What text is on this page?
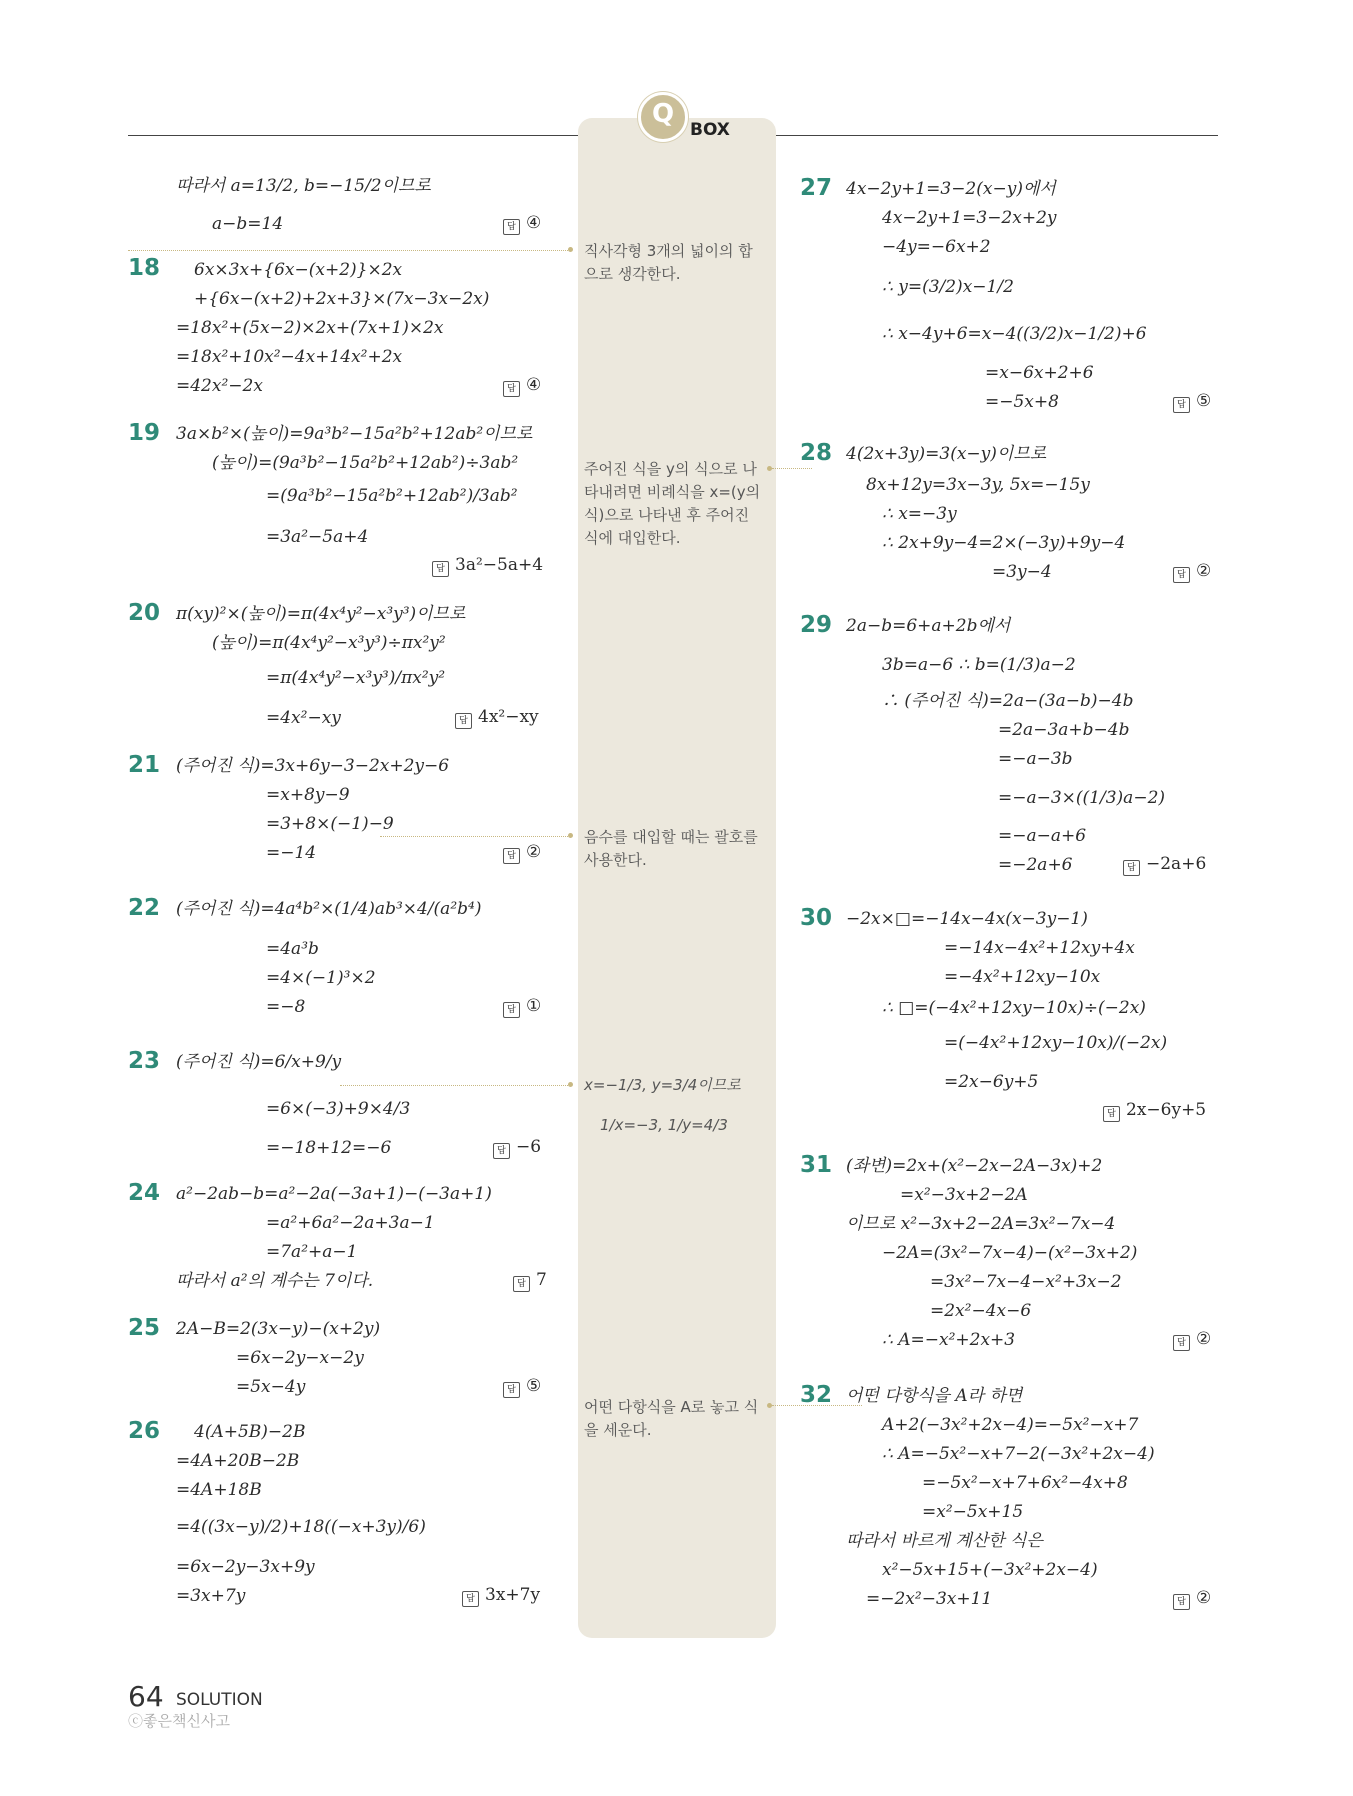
Q
BOX
따라서 a=13/2, b=−15/2이므로
a−b=14	답 ④
18 6x×3x+{6x−(x+2)}×2x
+{6x−(x+2)+2x+3}×(7x−3x−2x)
=18x²+(5x−2)×2x+(7x+1)×2x
=18x²+10x²−4x+14x²+2x
=42x²−2x	답 ④
19 3a×b²×(높이)=9a³b²−15a²b²+12ab²이므로
(높이)=(9a³b²−15a²b²+12ab²)÷3ab²
=(9a³b²−15a²b²+12ab²)/3ab²
=3a²−5a+4
답 3a²−5a+4
20 π(xy)²×(높이)=π(4x⁴y²−x³y³)이므로
(높이)=π(4x⁴y²−x³y³)÷πx²y²
=π(4x⁴y²−x³y³)/πx²y²
=4x²−xy	답 4x²−xy
21 (주어진 식)=3x+6y−3−2x+2y−6
=x+8y−9
=3+8×(−1)−9
=−14	답 ②
22 (주어진 식)=4a⁴b²×(1/4)ab³×4/(a²b⁴)
=4a³b
=4×(−1)³×2
=−8	답 ①
23 (주어진 식)=6/x+9/y
=6×(−3)+9×4/3
=−18+12=−6	답 −6
24 a²−2ab−b=a²−2a(−3a+1)−(−3a+1)
=a²+6a²−2a+3a−1
=7a²+a−1
따라서 a²의 계수는 7이다.	답 7
25 2A−B=2(3x−y)−(x+2y)
=6x−2y−x−2y
=5x−4y	답 ⑤
26 4(A+5B)−2B
=4A+20B−2B
=4A+18B
=4((3x−y)/2)+18((−x+3y)/6)
=6x−2y−3x+9y
=3x+7y	답 3x+7y
직사각형 3개의 넓이의 합으로 생각한다.
주어진 식을 y의 식으로 나타내려면 비례식을 x=(y의 식)으로 나타낸 후 주어진 식에 대입한다.
음수를 대입할 때는 괄호를 사용한다.
x=−1/3, y=3/4이므로
1/x=−3, 1/y=4/3
어떤 다항식을 A로 놓고 식을 세운다.
27 4x−2y+1=3−2(x−y)에서
4x−2y+1=3−2x+2y
−4y=−6x+2
∴ y=(3/2)x−1/2
∴ x−4y+6=x−4((3/2)x−1/2)+6
=x−6x+2+6
=−5x+8	답 ⑤
28 4(2x+3y)=3(x−y)이므로
8x+12y=3x−3y, 5x=−15y
∴ x=−3y
∴ 2x+9y−4=2×(−3y)+9y−4
=3y−4	답 ②
29 2a−b=6+a+2b에서
3b=a−6 ∴ b=(1/3)a−2
∴ (주어진 식)=2a−(3a−b)−4b
=2a−3a+b−4b
=−a−3b
=−a−3×((1/3)a−2)
=−a−a+6
=−2a+6	답 −2a+6
30 −2x×□=−14x−4x(x−3y−1)
=−14x−4x²+12xy+4x
=−4x²+12xy−10x
∴ □=(−4x²+12xy−10x)÷(−2x)
=(−4x²+12xy−10x)/(−2x)
=2x−6y+5
답 2x−6y+5
31 (좌변)=2x+(x²−2x−2A−3x)+2
=x²−3x+2−2A
이므로 x²−3x+2−2A=3x²−7x−4
−2A=(3x²−7x−4)−(x²−3x+2)
=3x²−7x−4−x²+3x−2
=2x²−4x−6
∴ A=−x²+2x+3	답 ②
32 어떤 다항식을 A라 하면
A+2(−3x²+2x−4)=−5x²−x+7
∴ A=−5x²−x+7−2(−3x²+2x−4)
=−5x²−x+7+6x²−4x+8
=x²−5x+15
따라서 바르게 계산한 식은
x²−5x+15+(−3x²+2x−4)
=−2x²−3x+11	답 ②
64 SOLUTION
ⓒ좋은책신사고
